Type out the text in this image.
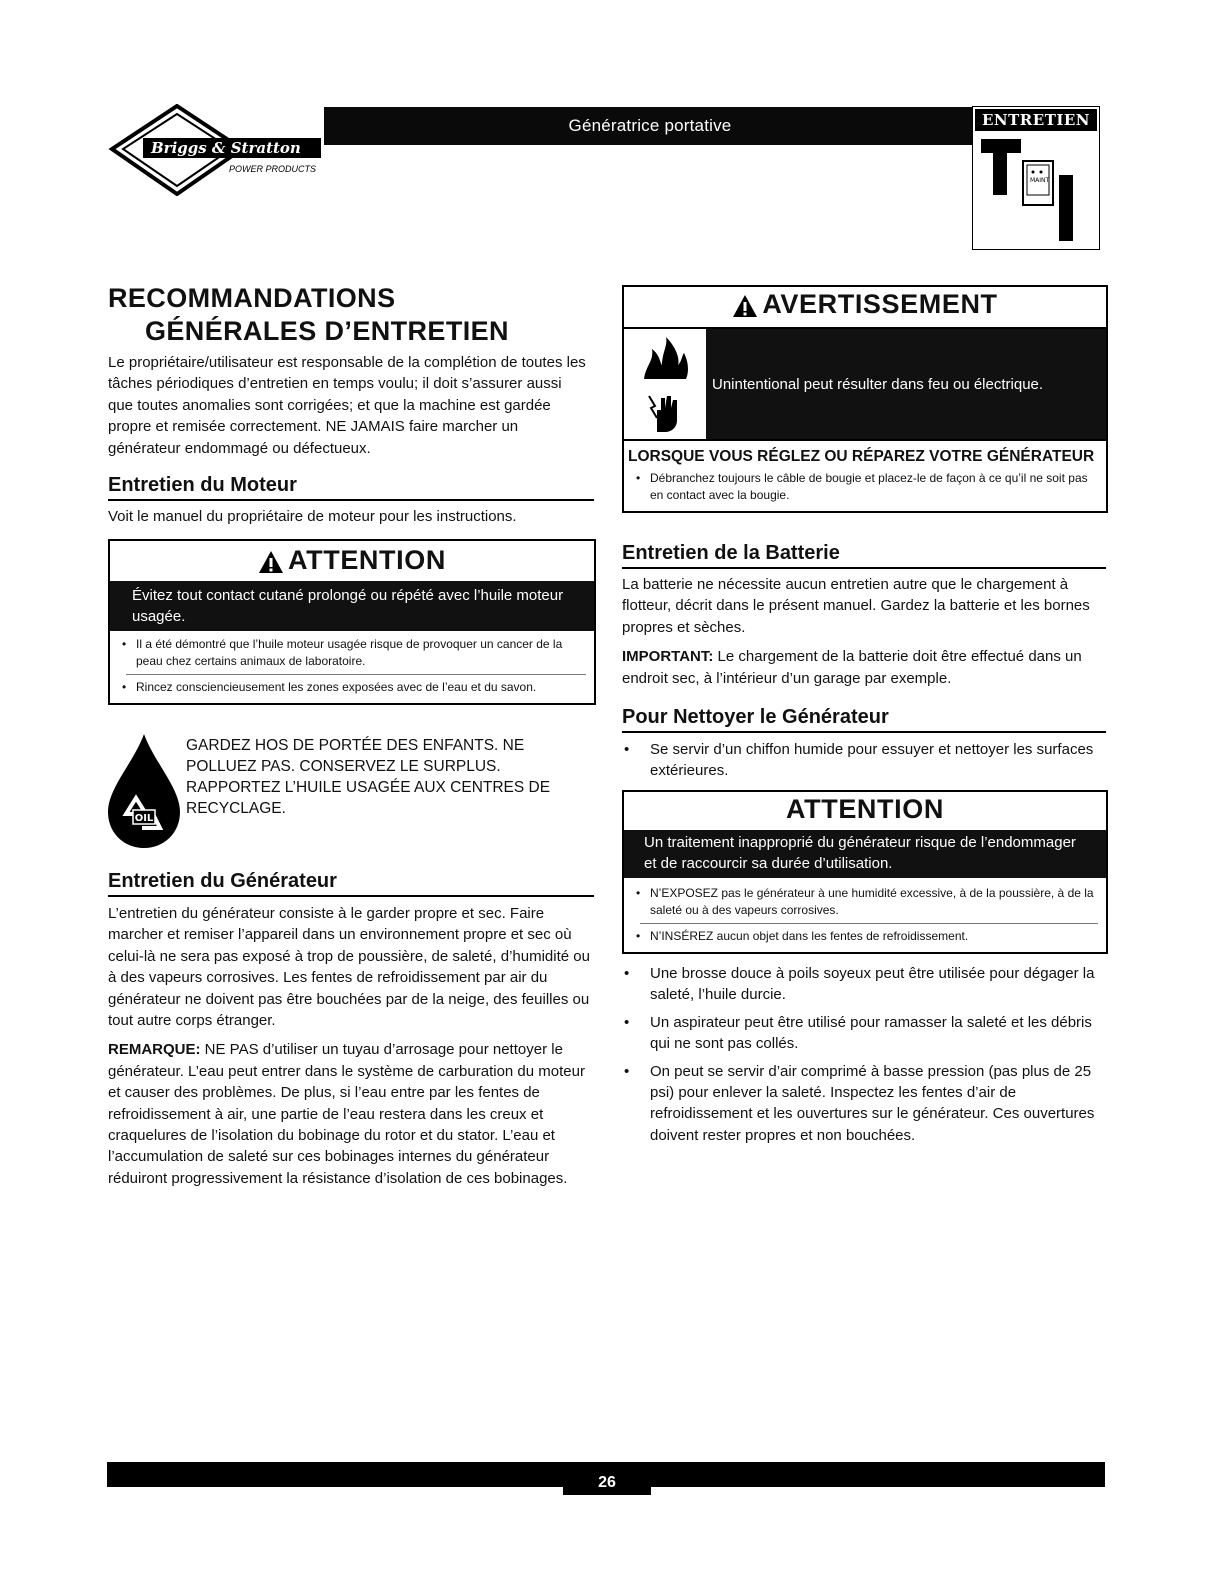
Briggs & Stratton
POWER PRODUCTS
Génératrice portative	ENTRETIEN
MAINT
RECOMMANDATIONS
GÉNÉRALES D’ENTRETIEN

Le propriétaire/utilisateur est responsable de la complétion de toutes les tâches périodiques d’entretien en temps voulu; il doit s’assurer aussi que toutes anomalies sont corrigées; et que la machine est gardée propre et remisée correctement. NE JAMAIS faire marcher un générateur endommagé ou défectueux.

Entretien du Moteur

Voit le manuel du propriétaire de moteur pour les instructions.

ATTENTION
Évitez tout contact cutané prolongé ou répété avec l’huile moteur usagée.
• Il a été démontré que l’huile moteur usagée risque de provoquer un cancer de la peau chez certains animaux de laboratoire.
• Rincez consciencieusement les zones exposées avec de l’eau et du savon.
OIL

GARDEZ HOS DE PORTÉE DES ENFANTS. NE POLLUEZ PAS. CONSERVEZ LE SURPLUS. RAPPORTEZ L’HUILE USAGÉE AUX CENTRES DE RECYCLAGE.

Entretien du Générateur

L’entretien du générateur consiste à le garder propre et sec. Faire marcher et remiser l’appareil dans un environnement propre et sec où celui-là ne sera pas exposé à trop de poussière, de saleté, d’humidité ou à des vapeurs corrosives. Les fentes de refroidissement par air du générateur ne doivent pas être bouchées par de la neige, des feuilles ou tout autre corps étranger.

REMARQUE: NE PAS d’utiliser un tuyau d’arrosage pour nettoyer le générateur. L’eau peut entrer dans le système de carburation du moteur et causer des problèmes. De plus, si l’eau entre par les fentes de refroidissement à air, une partie de l’eau restera dans les creux et craquelures de l’isolation du bobinage du rotor et du stator. L’eau et l’accumulation de saleté sur ces bobinages internes du générateur réduiront progressivement la résistance d’isolation de ces bobinages.

AVERTISSEMENT
Unintentional peut résulter dans feu ou électrique.
LORSQUE VOUS RÉGLEZ OU RÉPAREZ VOTRE GÉNÉRATEUR
• Débranchez toujours le câble de bougie et placez-le de façon à ce qu’il ne soit pas en contact avec la bougie.
Entretien de la Batterie

La batterie ne nécessite aucun entretien autre que le chargement à flotteur, décrit dans le présent manuel. Gardez la batterie et les bornes propres et sèches.

IMPORTANT: Le chargement de la batterie doit être effectué dans un endroit sec, à l’intérieur d’un garage par exemple.

Pour Nettoyer le Générateur
• Se servir d’un chiffon humide pour essuyer et nettoyer les surfaces extérieures.
ATTENTION
Un traitement inapproprié du générateur risque de l’endommager et de raccourcir sa durée d’utilisation.
• N’EXPOSEZ pas le générateur à une humidité excessive, à de la poussière, à de la saleté ou à des vapeurs corrosives.
• N’INSÉREZ aucun objet dans les fentes de refroidissement.
• Une brosse douce à poils soyeux peut être utilisée pour dégager la saleté, l’huile durcie.
• Un aspirateur peut être utilisé pour ramasser la saleté et les débris qui ne sont pas collés.
• On peut se servir d’air comprimé à basse pression (pas plus de 25 psi) pour enlever la saleté. Inspectez les fentes d’air de refroidissement et les ouvertures sur le générateur. Ces ouvertures doivent rester propres et non bouchées.
26
